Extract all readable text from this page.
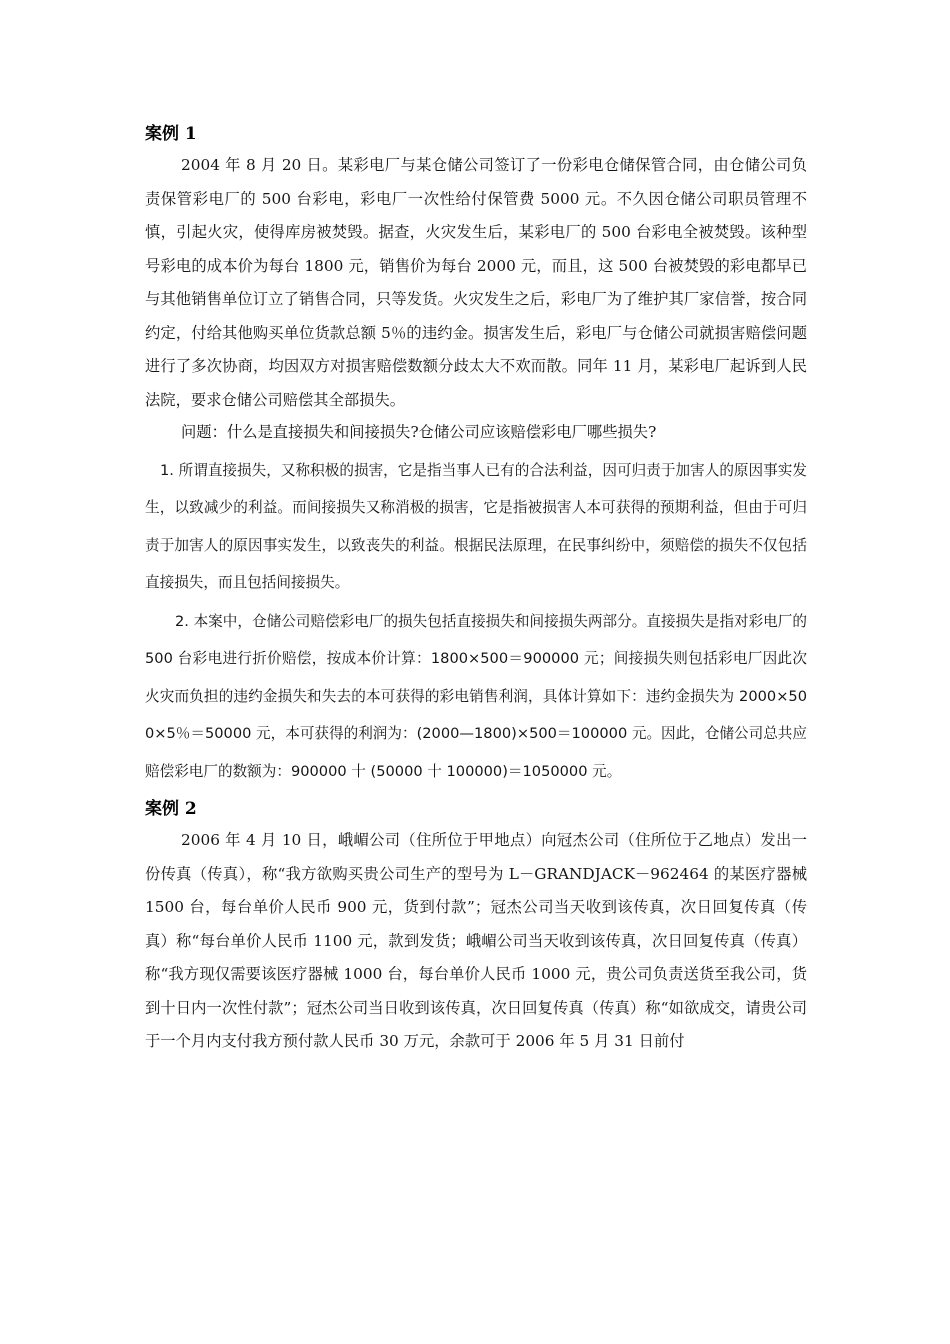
案例 1

2004 年 8 月 20 日。某彩电厂与某仓储公司签订了一份彩电仓储保管合同，由仓储公司负责保管彩电厂的 500 台彩电，彩电厂一次性给付保管费 5000 元。不久因仓储公司职员管理不慎，引起火灾，使得库房被焚毁。据查，火灾发生后，某彩电厂的 500 台彩电全被焚毁。该种型号彩电的成本价为每台 1800 元，销售价为每台 2000 元，而且，这 500 台被焚毁的彩电都早已与其他销售单位订立了销售合同，只等发货。火灾发生之后，彩电厂为了维护其厂家信誉，按合同约定，付给其他购买单位货款总额 5％的违约金。损害发生后，彩电厂与仓储公司就损害赔偿问题进行了多次协商，均因双方对损害赔偿数额分歧太大不欢而散。同年 11 月，某彩电厂起诉到人民法院，要求仓储公司赔偿其全部损失。

问题：什么是直接损失和间接损失?仓储公司应该赔偿彩电厂哪些损失?

1. 所谓直接损失，又称积极的损害，它是指当事人已有的合法利益，因可归责于加害人的原因事实发生，以致减少的利益。而间接损失又称消极的损害，它是指被损害人本可获得的预期利益，但由于可归责于加害人的原因事实发生，以致丧失的利益。根据民法原理，在民事纠纷中，须赔偿的损失不仅包括直接损失，而且包括间接损失。

2. 本案中，仓储公司赔偿彩电厂的损失包括直接损失和间接损失两部分。直接损失是指对彩电厂的 500 台彩电进行折价赔偿，按成本价计算：1800×500＝900000 元；间接损失则包括彩电厂因此次火灾而负担的违约金损失和失去的本可获得的彩电销售利润，具体计算如下：违约金损失为 2000×500×5％＝50000 元，本可获得的利润为：(2000—1800)×500＝100000 元。因此，仓储公司总共应赔偿彩电厂的数额为：900000 十 (50000 十 100000)＝1050000 元。

案例 2

2006 年 4 月 10 日，峨嵋公司（住所位于甲地点）向冠杰公司（住所位于乙地点）发出一份传真（传真），称“我方欲购买贵公司生产的型号为 L－GRANDJACK－962464 的某医疗器械 1500 台，每台单价人民币 900 元，货到付款”；冠杰公司当天收到该传真，次日回复传真（传真）称“每台单价人民币 1100 元，款到发货；峨嵋公司当天收到该传真，次日回复传真（传真）称“我方现仅需要该医疗器械 1000 台，每台单价人民币 1000 元，贵公司负责送货至我公司，货到十日内一次性付款”；冠杰公司当日收到该传真，次日回复传真（传真）称“如欲成交，请贵公司于一个月内支付我方预付款人民币 30 万元，余款可于 2006 年 5 月 31 日前付
